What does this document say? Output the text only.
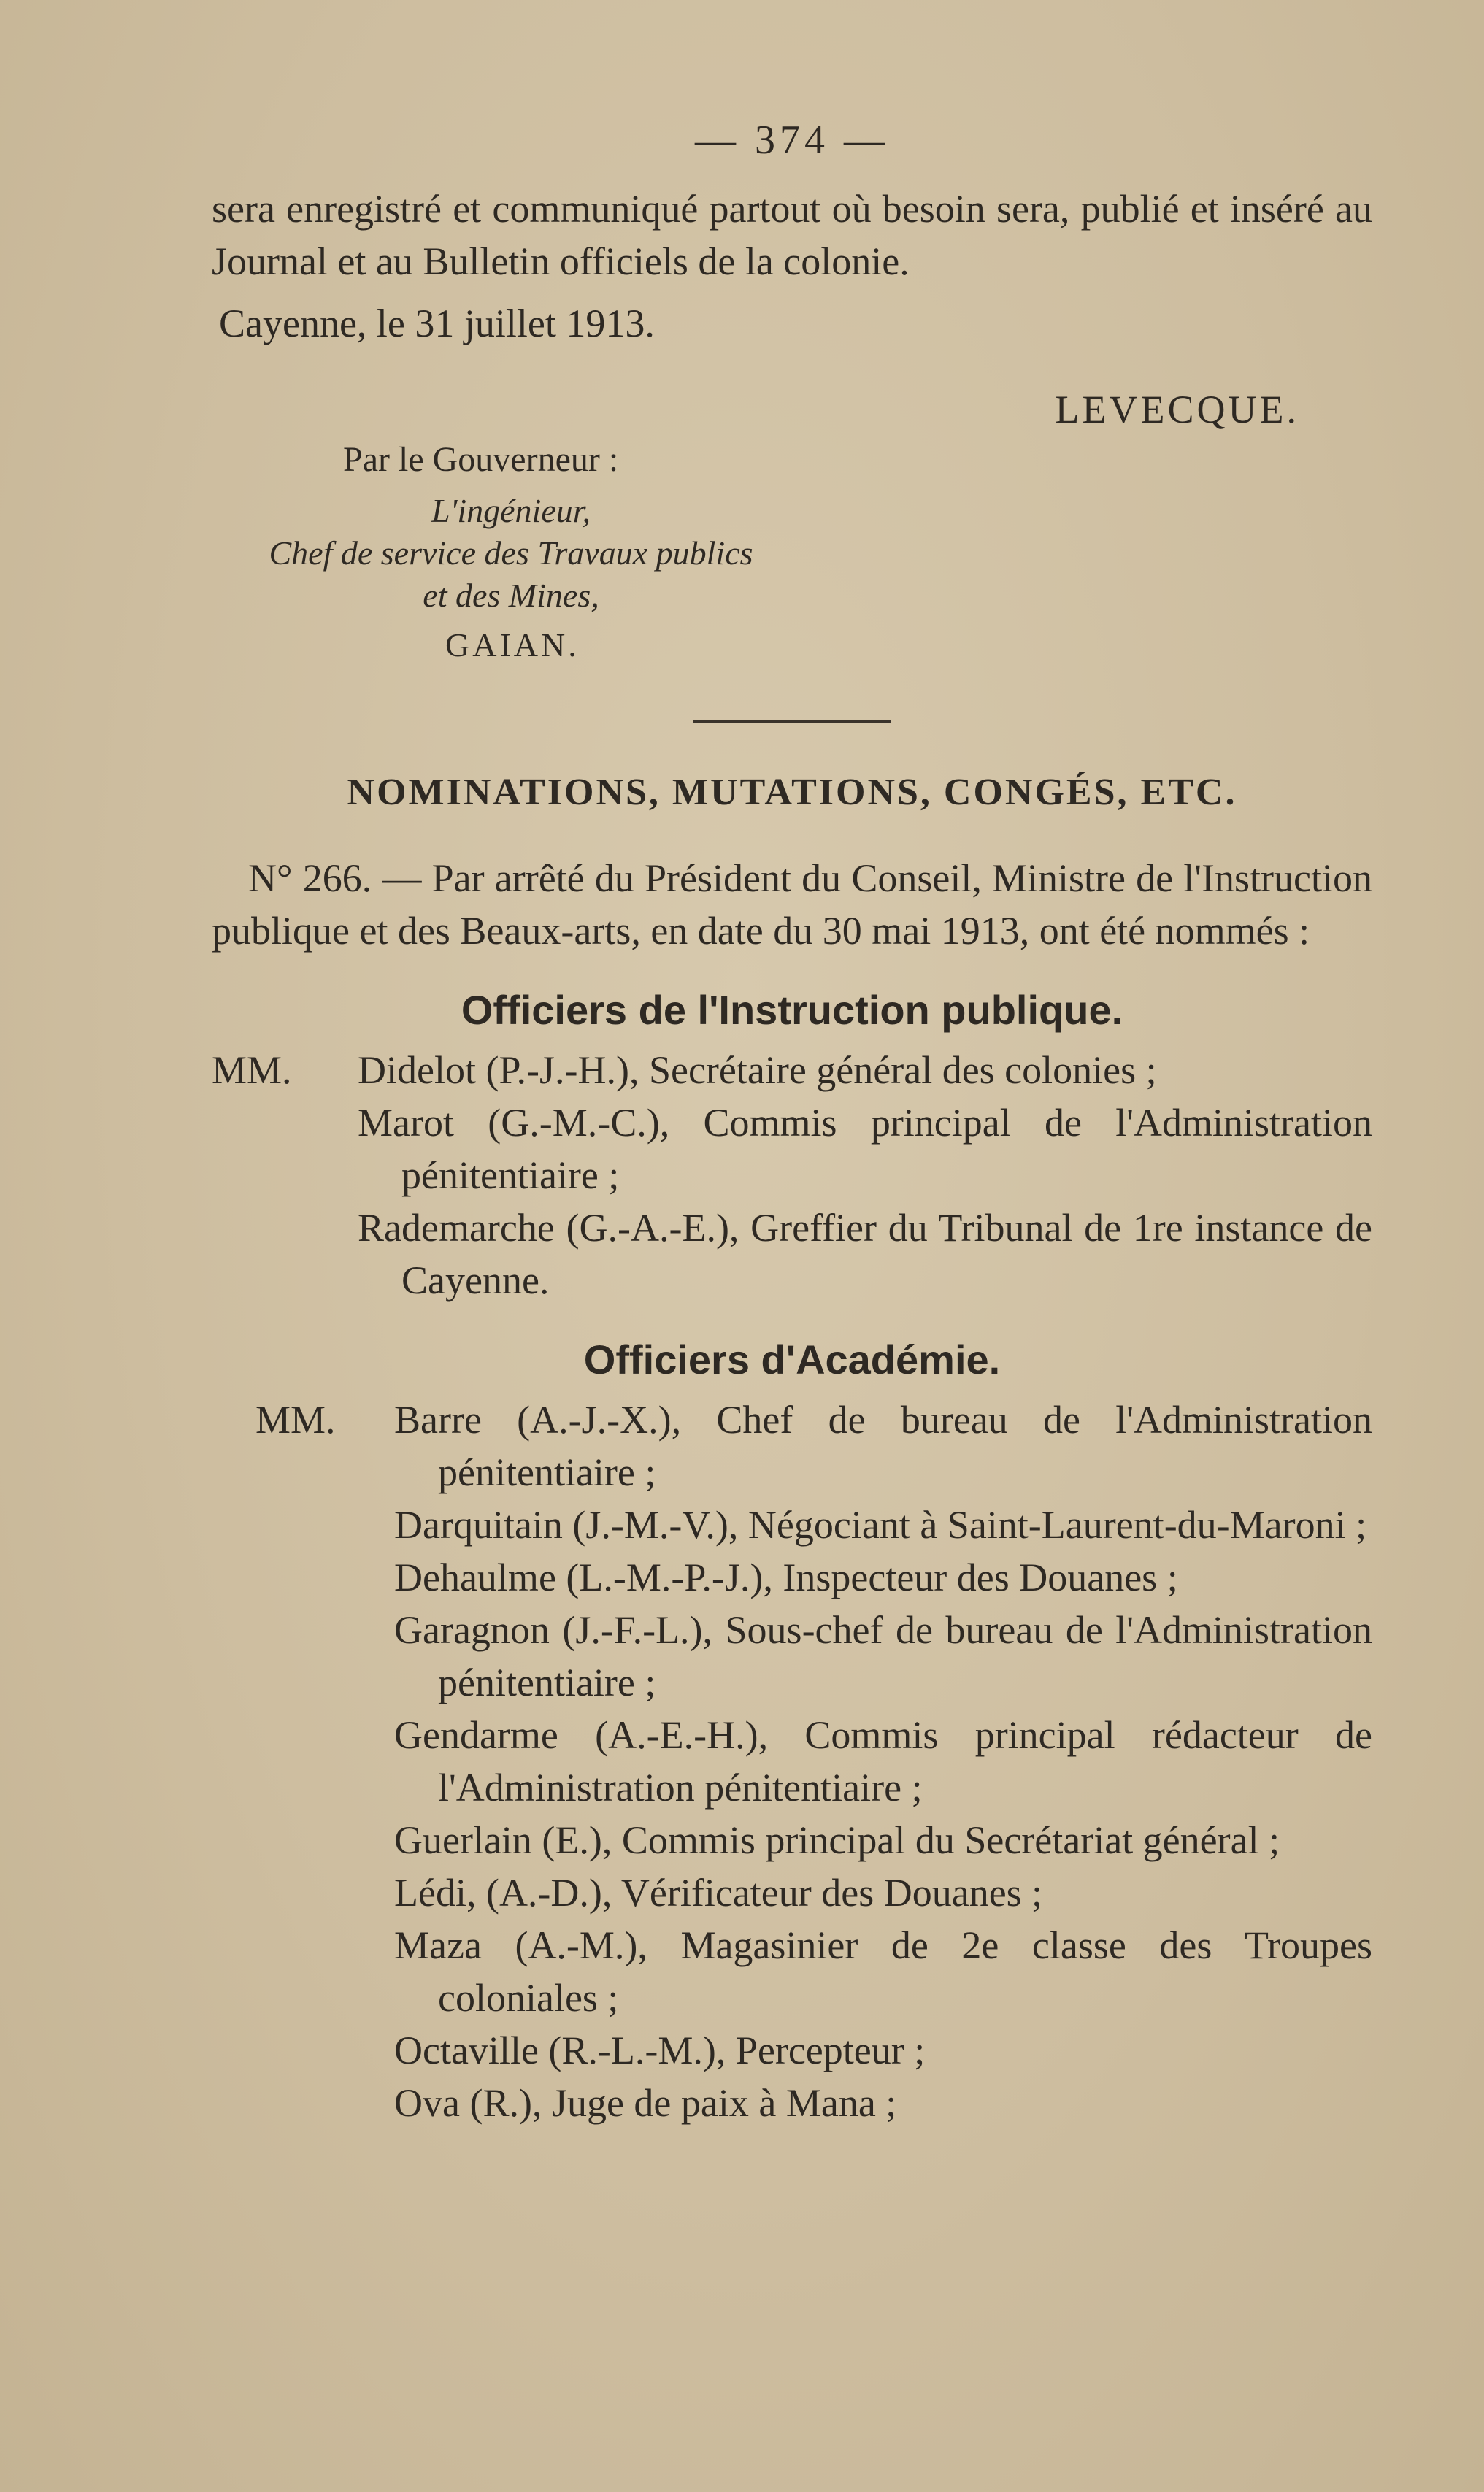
— 374 —
sera enregistré et communiqué partout où besoin sera, publié et inséré au Journal et au Bulletin officiels de la colonie.
Cayenne, le 31 juillet 1913.
LEVECQUE.
Par le Gouverneur :
L'ingénieur,
Chef de service des Travaux publics
et des Mines,
GAIAN.
NOMINATIONS, MUTATIONS, CONGÉS, ETC.
N° 266. — Par arrêté du Président du Conseil, Ministre de l'Instruction publique et des Beaux-arts, en date du 30 mai 1913, ont été nommés :
Officiers de l'Instruction publique.
MM. Didelot (P.-J.-H.), Secrétaire général des colonies ;
Marot (G.-M.-C.), Commis principal de l'Administration pénitentiaire ;
Rademarche (G.-A.-E.), Greffier du Tribunal de 1re instance de Cayenne.
Officiers d'Académie.
MM. Barre (A.-J.-X.), Chef de bureau de l'Administration pénitentiaire ;
Darquitain (J.-M.-V.), Négociant à Saint-Laurent-du-Maroni ;
Dehaulme (L.-M.-P.-J.), Inspecteur des Douanes ;
Garagnon (J.-F.-L.), Sous-chef de bureau de l'Administration pénitentiaire ;
Gendarme (A.-E.-H.), Commis principal rédacteur de l'Administration pénitentiaire ;
Guerlain (E.), Commis principal du Secrétariat général ;
Lédi, (A.-D.), Vérificateur des Douanes ;
Maza (A.-M.), Magasinier de 2e classe des Troupes coloniales ;
Octaville (R.-L.-M.), Percepteur ;
Ova (R.), Juge de paix à Mana ;
